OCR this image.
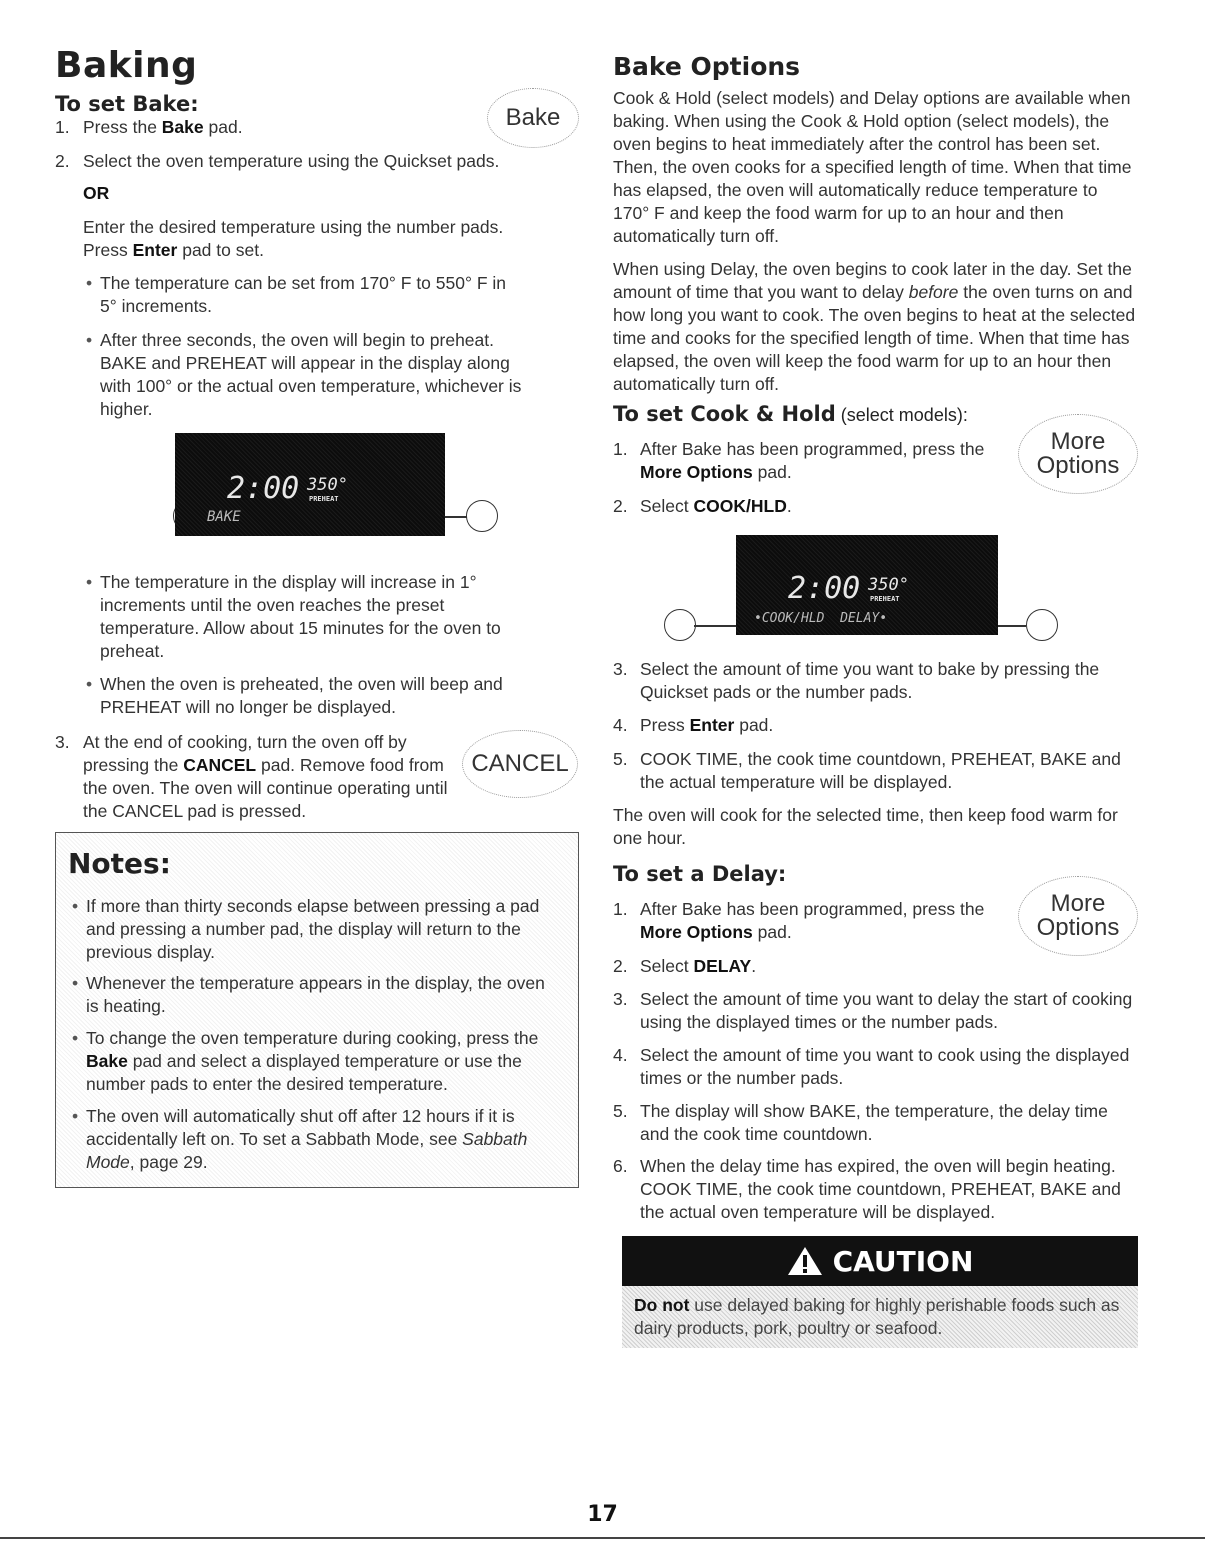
Baking
To set Bake:
1. Press the Bake pad.	Bake
2. Select the oven temperature using the Quickset pads.
OR
Enter the desired temperature using the number pads.
Press Enter pad to set.
• The temperature can be set from 170° F to 550° F in 5° increments.
• After three seconds, the oven will begin to preheat. BAKE and PREHEAT will appear in the display along with 100° or the actual oven temperature, whichever is higher.
2:00 350°
PREHEAT
BAKE
• The temperature in the display will increase in 1° increments until the oven reaches the preset temperature. Allow about 15 minutes for the oven to preheat.
• When the oven is preheated, the oven will beep and PREHEAT will no longer be displayed.
3. At the end of cooking, turn the oven off by pressing the CANCEL pad. Remove food from the oven. The oven will continue operating until the CANCEL pad is pressed.
CANCEL
Notes:
• If more than thirty seconds elapse between pressing a pad and pressing a number pad, the display will return to the previous display.
• Whenever the temperature appears in the display, the oven is heating.
• To change the oven temperature during cooking, press the Bake pad and select a displayed temperature or use the number pads to enter the desired temperature.
• The oven will automatically shut off after 12 hours if it is accidentally left on. To set a Sabbath Mode, see Sabbath Mode, page 29.
Bake Options
Cook & Hold (select models) and Delay options are available when baking. When using the Cook & Hold option (select models), the oven begins to heat immediately after the control has been set. Then, the oven cooks for a specified length of time. When that time has elapsed, the oven will automatically reduce temperature to 170° F and keep the food warm for up to an hour and then automatically turn off.
When using Delay, the oven begins to cook later in the day. Set the amount of time that you want to delay before the oven turns on and how long you want to cook. The oven begins to heat at the selected time and cooks for the specified length of time. When that time has elapsed, the oven will keep the food warm for up to an hour then automatically turn off.
To set Cook & Hold (select models):
1. After Bake has been programmed, press the More Options pad.
More
Options
2. Select COOK/HLD.
2:00 350°
PREHEAT
•COOK/HLD  DELAY•
3. Select the amount of time you want to bake by pressing the Quickset pads or the number pads.
4. Press Enter pad.
5. COOK TIME, the cook time countdown, PREHEAT, BAKE and the actual temperature will be displayed.
The oven will cook for the selected time, then keep food warm for one hour.
To set a Delay:
1. After Bake has been programmed, press the More Options pad.
More
Options
2. Select DELAY.
3. Select the amount of time you want to delay the start of cooking using the displayed times or the number pads.
4. Select the amount of time you want to cook using the displayed times or the number pads.
5. The display will show BAKE, the temperature, the delay time and the cook time countdown.
6. When the delay time has expired, the oven will begin heating. COOK TIME, the cook time countdown, PREHEAT, BAKE and the actual oven temperature will be displayed.
CAUTION
Do not use delayed baking for highly perishable foods such as dairy products, pork, poultry or seafood.
17
